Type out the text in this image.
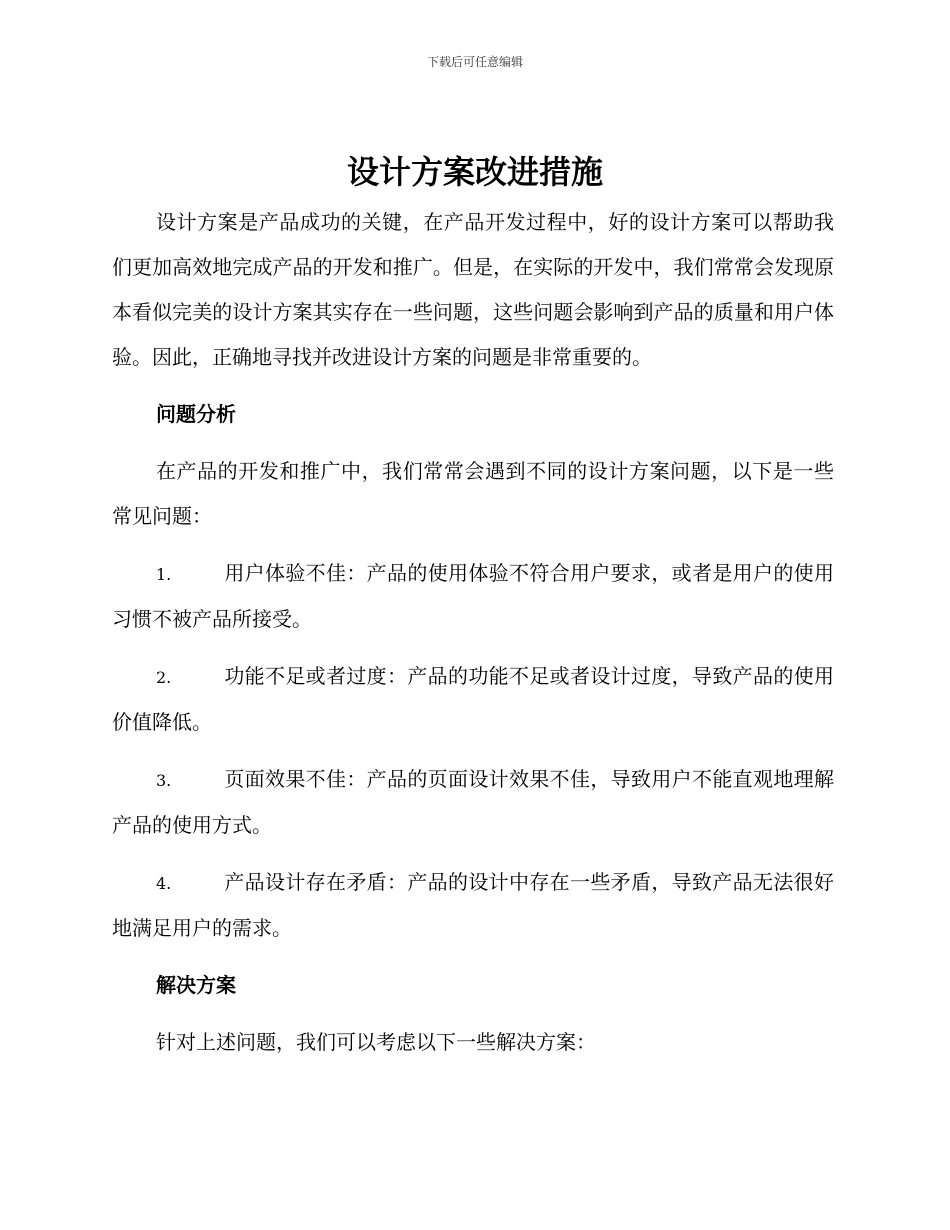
下载后可任意编辑
设计方案改进措施

设计方案是产品成功的关键，在产品开发过程中，好的设计方案可以帮助我们更加高效地完成产品的开发和推广。但是，在实际的开发中，我们常常会发现原本看似完美的设计方案其实存在一些问题，这些问题会影响到产品的质量和用户体验。因此，正确地寻找并改进设计方案的问题是非常重要的。

问题分析

在产品的开发和推广中，我们常常会遇到不同的设计方案问题，以下是一些常见问题：

1.	用户体验不佳：产品的使用体验不符合用户要求，或者是用户的使用习惯不被产品所接受。

2.	功能不足或者过度：产品的功能不足或者设计过度，导致产品的使用价值降低。

3.	页面效果不佳：产品的页面设计效果不佳，导致用户不能直观地理解产品的使用方式。

4.	产品设计存在矛盾：产品的设计中存在一些矛盾，导致产品无法很好地满足用户的需求。

解决方案

针对上述问题，我们可以考虑以下一些解决方案：
